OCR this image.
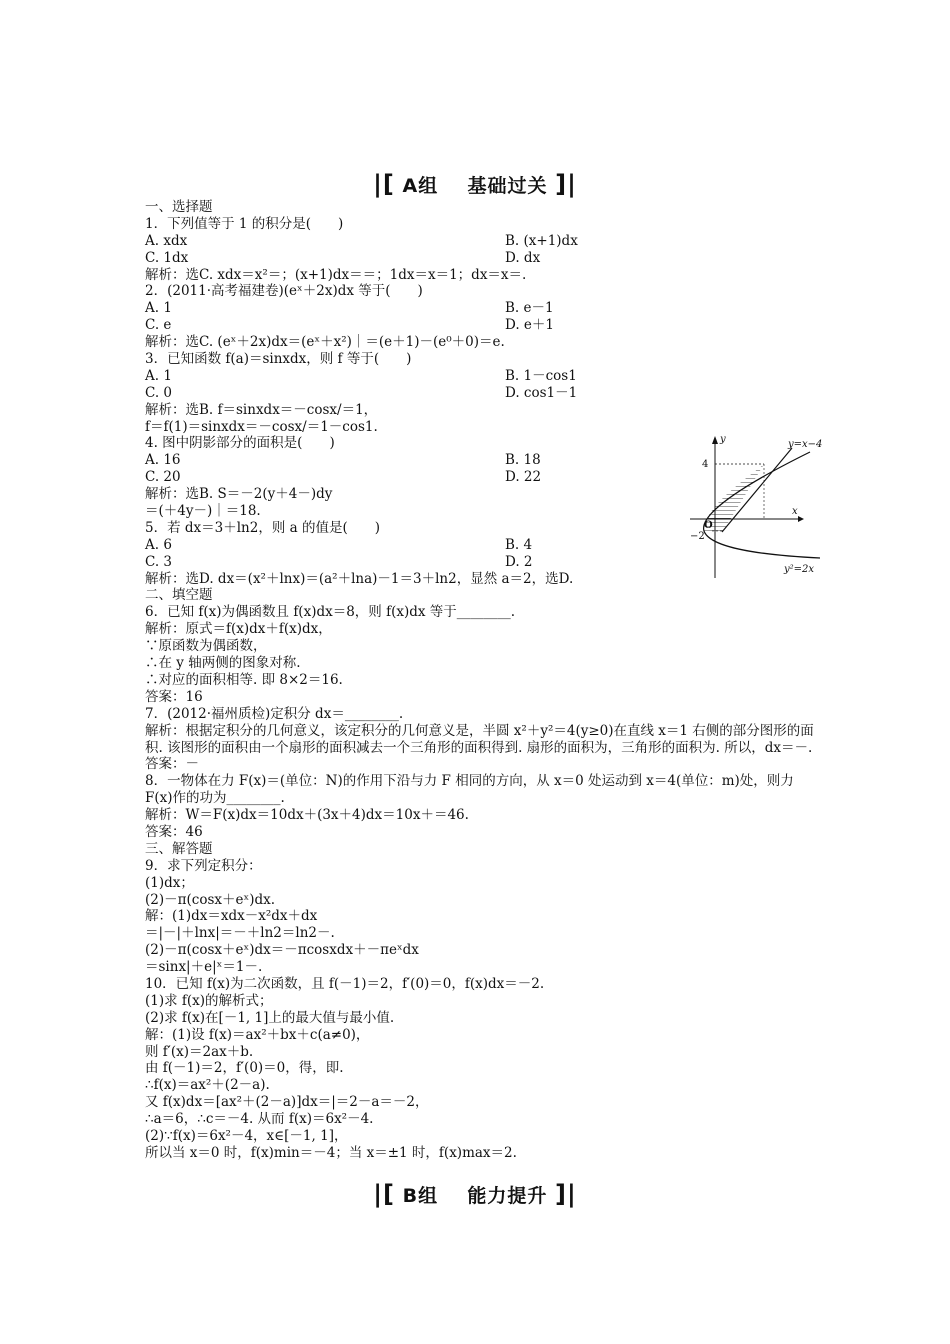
|[ A组 基础过关 ]|
一、选择题
1．下列值等于 1 的积分是(　　)
A. xdx	B. (x+1)dx
C. 1dx	D. dx
解析：选C. xdx＝x²＝；(x+1)dx＝＝；1dx＝x＝1；dx＝x＝.
2．(2011·高考福建卷)(eˣ＋2x)dx 等于(　　)
A. 1	B. e－1
C. e	D. e＋1
解析：选C. (eˣ＋2x)dx＝(eˣ＋x²)｜＝(e＋1)－(e⁰＋0)＝e.
3．已知函数 f(a)＝sinxdx，则 f 等于(　　)
A. 1	B. 1－cos1
C. 0	D. cos1－1
解析：选B. f＝sinxdx＝－cosx/＝1，
f＝f(1)＝sinxdx＝－cosx/＝1－cos1.
4. 图中阴影部分的面积是(　　)
A. 16	B. 18
C. 20	D. 22
解析：选B. S＝－2(y＋4－)dy
＝(＋4y－)｜＝18.
5．若 dx＝3＋ln2，则 a 的值是(　　)
A. 6	B. 4
C. 3	D. 2
解析：选D. dx＝(x²＋lnx)＝(a²＋lna)－1＝3＋ln2，显然 a＝2，选D.
二、填空题
6．已知 f(x)为偶函数且 f(x)dx＝8，则 f(x)dx 等于________.
解析：原式＝f(x)dx＋f(x)dx，
∵原函数为偶函数，
∴在 y 轴两侧的图象对称.
∴对应的面积相等. 即 8×2＝16.
答案：16
7．(2012·福州质检)定积分 dx＝________.
解析：根据定积分的几何意义，该定积分的几何意义是，半圆 x²＋y²＝4(y≥0)在直线 x＝1 右侧的部分图形的面积. 该图形的面积由一个扇形的面积减去一个三角形的面积得到. 扇形的面积为，三角形的面积为. 所以，dx＝－.
答案：－
8．一物体在力 F(x)＝(单位：N)的作用下沿与力 F 相同的方向，从 x＝0 处运动到 x＝4(单位：m)处，则力 F(x)作的功为________.
解析：W＝F(x)dx＝10dx＋(3x＋4)dx＝10x＋＝46.
答案：46
三、解答题
9．求下列定积分：
(1)dx；
(2)－π(cosx＋eˣ)dx.
解：(1)dx＝xdx－x²dx＋dx
＝|－|＋lnx|＝－＋ln2＝ln2－.
(2)－π(cosx＋eˣ)dx＝－πcosxdx＋－πeˣdx
＝sinx|＋e|ˣ＝1－.
10．已知 f(x)为二次函数，且 f(－1)＝2，f′(0)＝0，f(x)dx＝－2.
(1)求 f(x)的解析式；
(2)求 f(x)在[－1, 1]上的最大值与最小值.
解：(1)设 f(x)＝ax²＋bx＋c(a≠0)，
则 f′(x)＝2ax＋b.
由 f(－1)＝2，f′(0)＝0，得，即.
∴f(x)＝ax²＋(2－a).
又 f(x)dx＝[ax²＋(2－a)]dx＝|＝2－a＝－2，
∴a＝6，∴c＝－4. 从而 f(x)＝6x²－4.
(2)∵f(x)＝6x²－4，x∈[－1, 1]，
所以当 x＝0 时，f(x)min＝－4；当 x＝±1 时，f(x)max＝2.
y
x
O
4
−2
y=x−4
y²=2x
|[ B组 能力提升 ]|
